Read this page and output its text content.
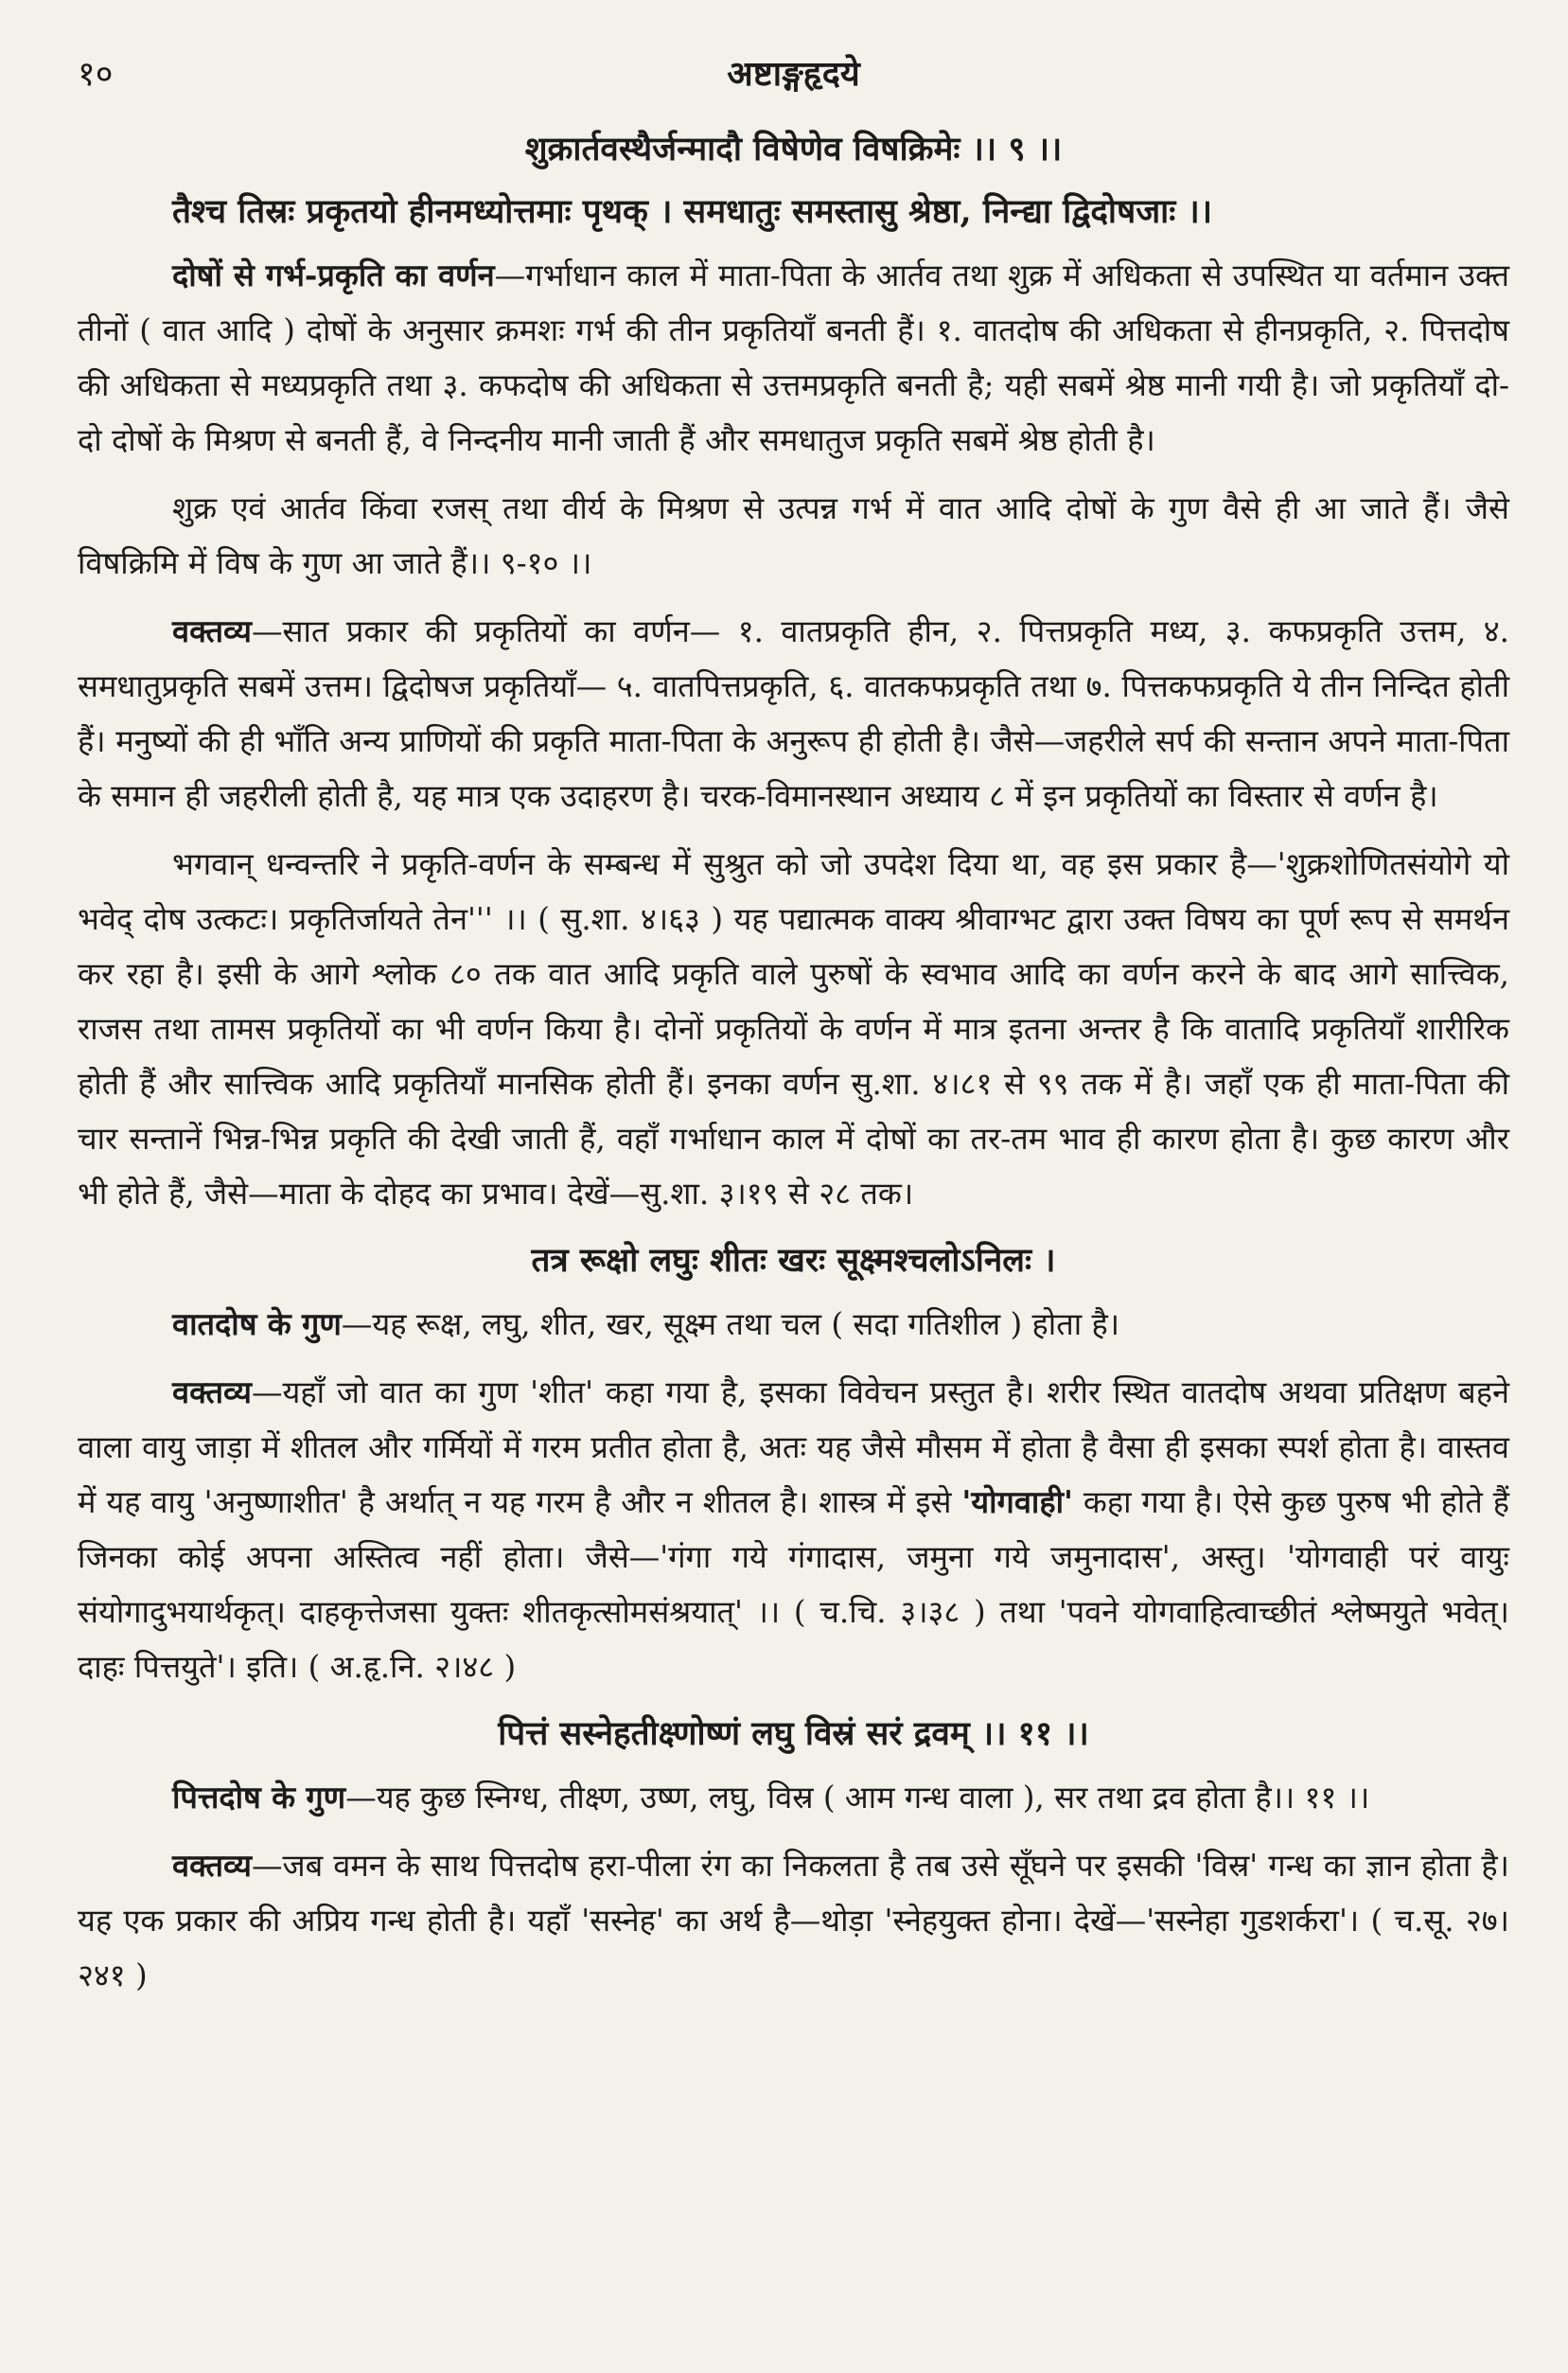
१०	अष्टाङ्गहृदये
शुक्रार्तवस्थैर्जन्मादौ विषेणेव विषक्रिमेः ।। ९ ।।
तैश्च तिस्रः प्रकृतयो हीनमध्योत्तमाः पृथक् । समधातुः समस्तासु श्रेष्ठा, निन्द्या द्विदोषजाः ।।

दोषों से गर्भ-प्रकृति का वर्णन—गर्भाधान काल में माता-पिता के आर्तव तथा शुक्र में अधिकता से उपस्थित या वर्तमान उक्त तीनों ( वात आदि ) दोषों के अनुसार क्रमशः गर्भ की तीन प्रकृतियाँ बनती हैं। १. वातदोष की अधिकता से हीनप्रकृति, २. पित्तदोष की अधिकता से मध्यप्रकृति तथा ३. कफदोष की अधिकता से उत्तमप्रकृति बनती है; यही सबमें श्रेष्ठ मानी गयी है। जो प्रकृतियाँ दो-दो दोषों के मिश्रण से बनती हैं, वे निन्दनीय मानी जाती हैं और समधातुज प्रकृति सबमें श्रेष्ठ होती है।

शुक्र एवं आर्तव किंवा रजस् तथा वीर्य के मिश्रण से उत्पन्न गर्भ में वात आदि दोषों के गुण वैसे ही आ जाते हैं। जैसे विषक्रिमि में विष के गुण आ जाते हैं।। ९-१० ।।

वक्तव्य—सात प्रकार की प्रकृतियों का वर्णन— १. वातप्रकृति हीन, २. पित्तप्रकृति मध्य, ३. कफप्रकृति उत्तम, ४. समधातुप्रकृति सबमें उत्तम। द्विदोषज प्रकृतियाँ— ५. वातपित्तप्रकृति, ६. वातकफप्रकृति तथा ७. पित्तकफप्रकृति ये तीन निन्दित होती हैं। मनुष्यों की ही भाँति अन्य प्राणियों की प्रकृति माता-पिता के अनुरूप ही होती है। जैसे—जहरीले सर्प की सन्तान अपने माता-पिता के समान ही जहरीली होती है, यह मात्र एक उदाहरण है। चरक-विमानस्थान अध्याय ८ में इन प्रकृतियों का विस्तार से वर्णन है।

भगवान् धन्वन्तरि ने प्रकृति-वर्णन के सम्बन्ध में सुश्रुत को जो उपदेश दिया था, वह इस प्रकार है—'शुक्रशोणितसंयोगे यो भवेद् दोष उत्कटः। प्रकृतिर्जायते तेन''' ।। ( सु.शा. ४।६३ ) यह पद्यात्मक वाक्य श्रीवाग्भट द्वारा उक्त विषय का पूर्ण रूप से समर्थन कर रहा है। इसी के आगे श्लोक ८० तक वात आदि प्रकृति वाले पुरुषों के स्वभाव आदि का वर्णन करने के बाद आगे सात्त्विक, राजस तथा तामस प्रकृतियों का भी वर्णन किया है। दोनों प्रकृतियों के वर्णन में मात्र इतना अन्तर है कि वातादि प्रकृतियाँ शारीरिक होती हैं और सात्त्विक आदि प्रकृतियाँ मानसिक होती हैं। इनका वर्णन सु.शा. ४।८१ से ९९ तक में है। जहाँ एक ही माता-पिता की चार सन्तानें भिन्न-भिन्न प्रकृति की देखी जाती हैं, वहाँ गर्भाधान काल में दोषों का तर-तम भाव ही कारण होता है। कुछ कारण और भी होते हैं, जैसे—माता के दोहद का प्रभाव। देखें—सु.शा. ३।१९ से २८ तक।

तत्र रूक्षो लघुः शीतः खरः सूक्ष्मश्चलोऽनिलः ।

वातदोष के गुण—यह रूक्ष, लघु, शीत, खर, सूक्ष्म तथा चल ( सदा गतिशील ) होता है।

वक्तव्य—यहाँ जो वात का गुण 'शीत' कहा गया है, इसका विवेचन प्रस्तुत है। शरीर स्थित वातदोष अथवा प्रतिक्षण बहने वाला वायु जाड़ा में शीतल और गर्मियों में गरम प्रतीत होता है, अतः यह जैसे मौसम में होता है वैसा ही इसका स्पर्श होता है। वास्तव में यह वायु 'अनुष्णाशीत' है अर्थात् न यह गरम है और न शीतल है। शास्त्र में इसे 'योगवाही' कहा गया है। ऐसे कुछ पुरुष भी होते हैं जिनका कोई अपना अस्तित्व नहीं होता। जैसे—'गंगा गये गंगादास, जमुना गये जमुनादास', अस्तु। 'योगवाही परं वायुः संयोगादुभयार्थकृत्। दाहकृत्तेजसा युक्तः शीतकृत्सोमसंश्रयात्' ।। ( च.चि. ३।३८ ) तथा 'पवने योगवाहित्वाच्छीतं श्लेष्मयुते भवेत्। दाहः पित्तयुते'। इति। ( अ.हृ.नि. २।४८ )

पित्तं सस्नेहतीक्ष्णोष्णं लघु विस्रं सरं द्रवम् ।। ११ ।।

पित्तदोष के गुण—यह कुछ स्निग्ध, तीक्ष्ण, उष्ण, लघु, विस्र ( आम गन्ध वाला ), सर तथा द्रव होता है।। ११ ।।

वक्तव्य—जब वमन के साथ पित्तदोष हरा-पीला रंग का निकलता है तब उसे सूँघने पर इसकी 'विस्र' गन्ध का ज्ञान होता है। यह एक प्रकार की अप्रिय गन्ध होती है। यहाँ 'सस्नेह' का अर्थ है—थोड़ा 'स्नेहयुक्त होना। देखें—'सस्नेहा गुडशर्करा'। ( च.सू. २७।२४१ )
